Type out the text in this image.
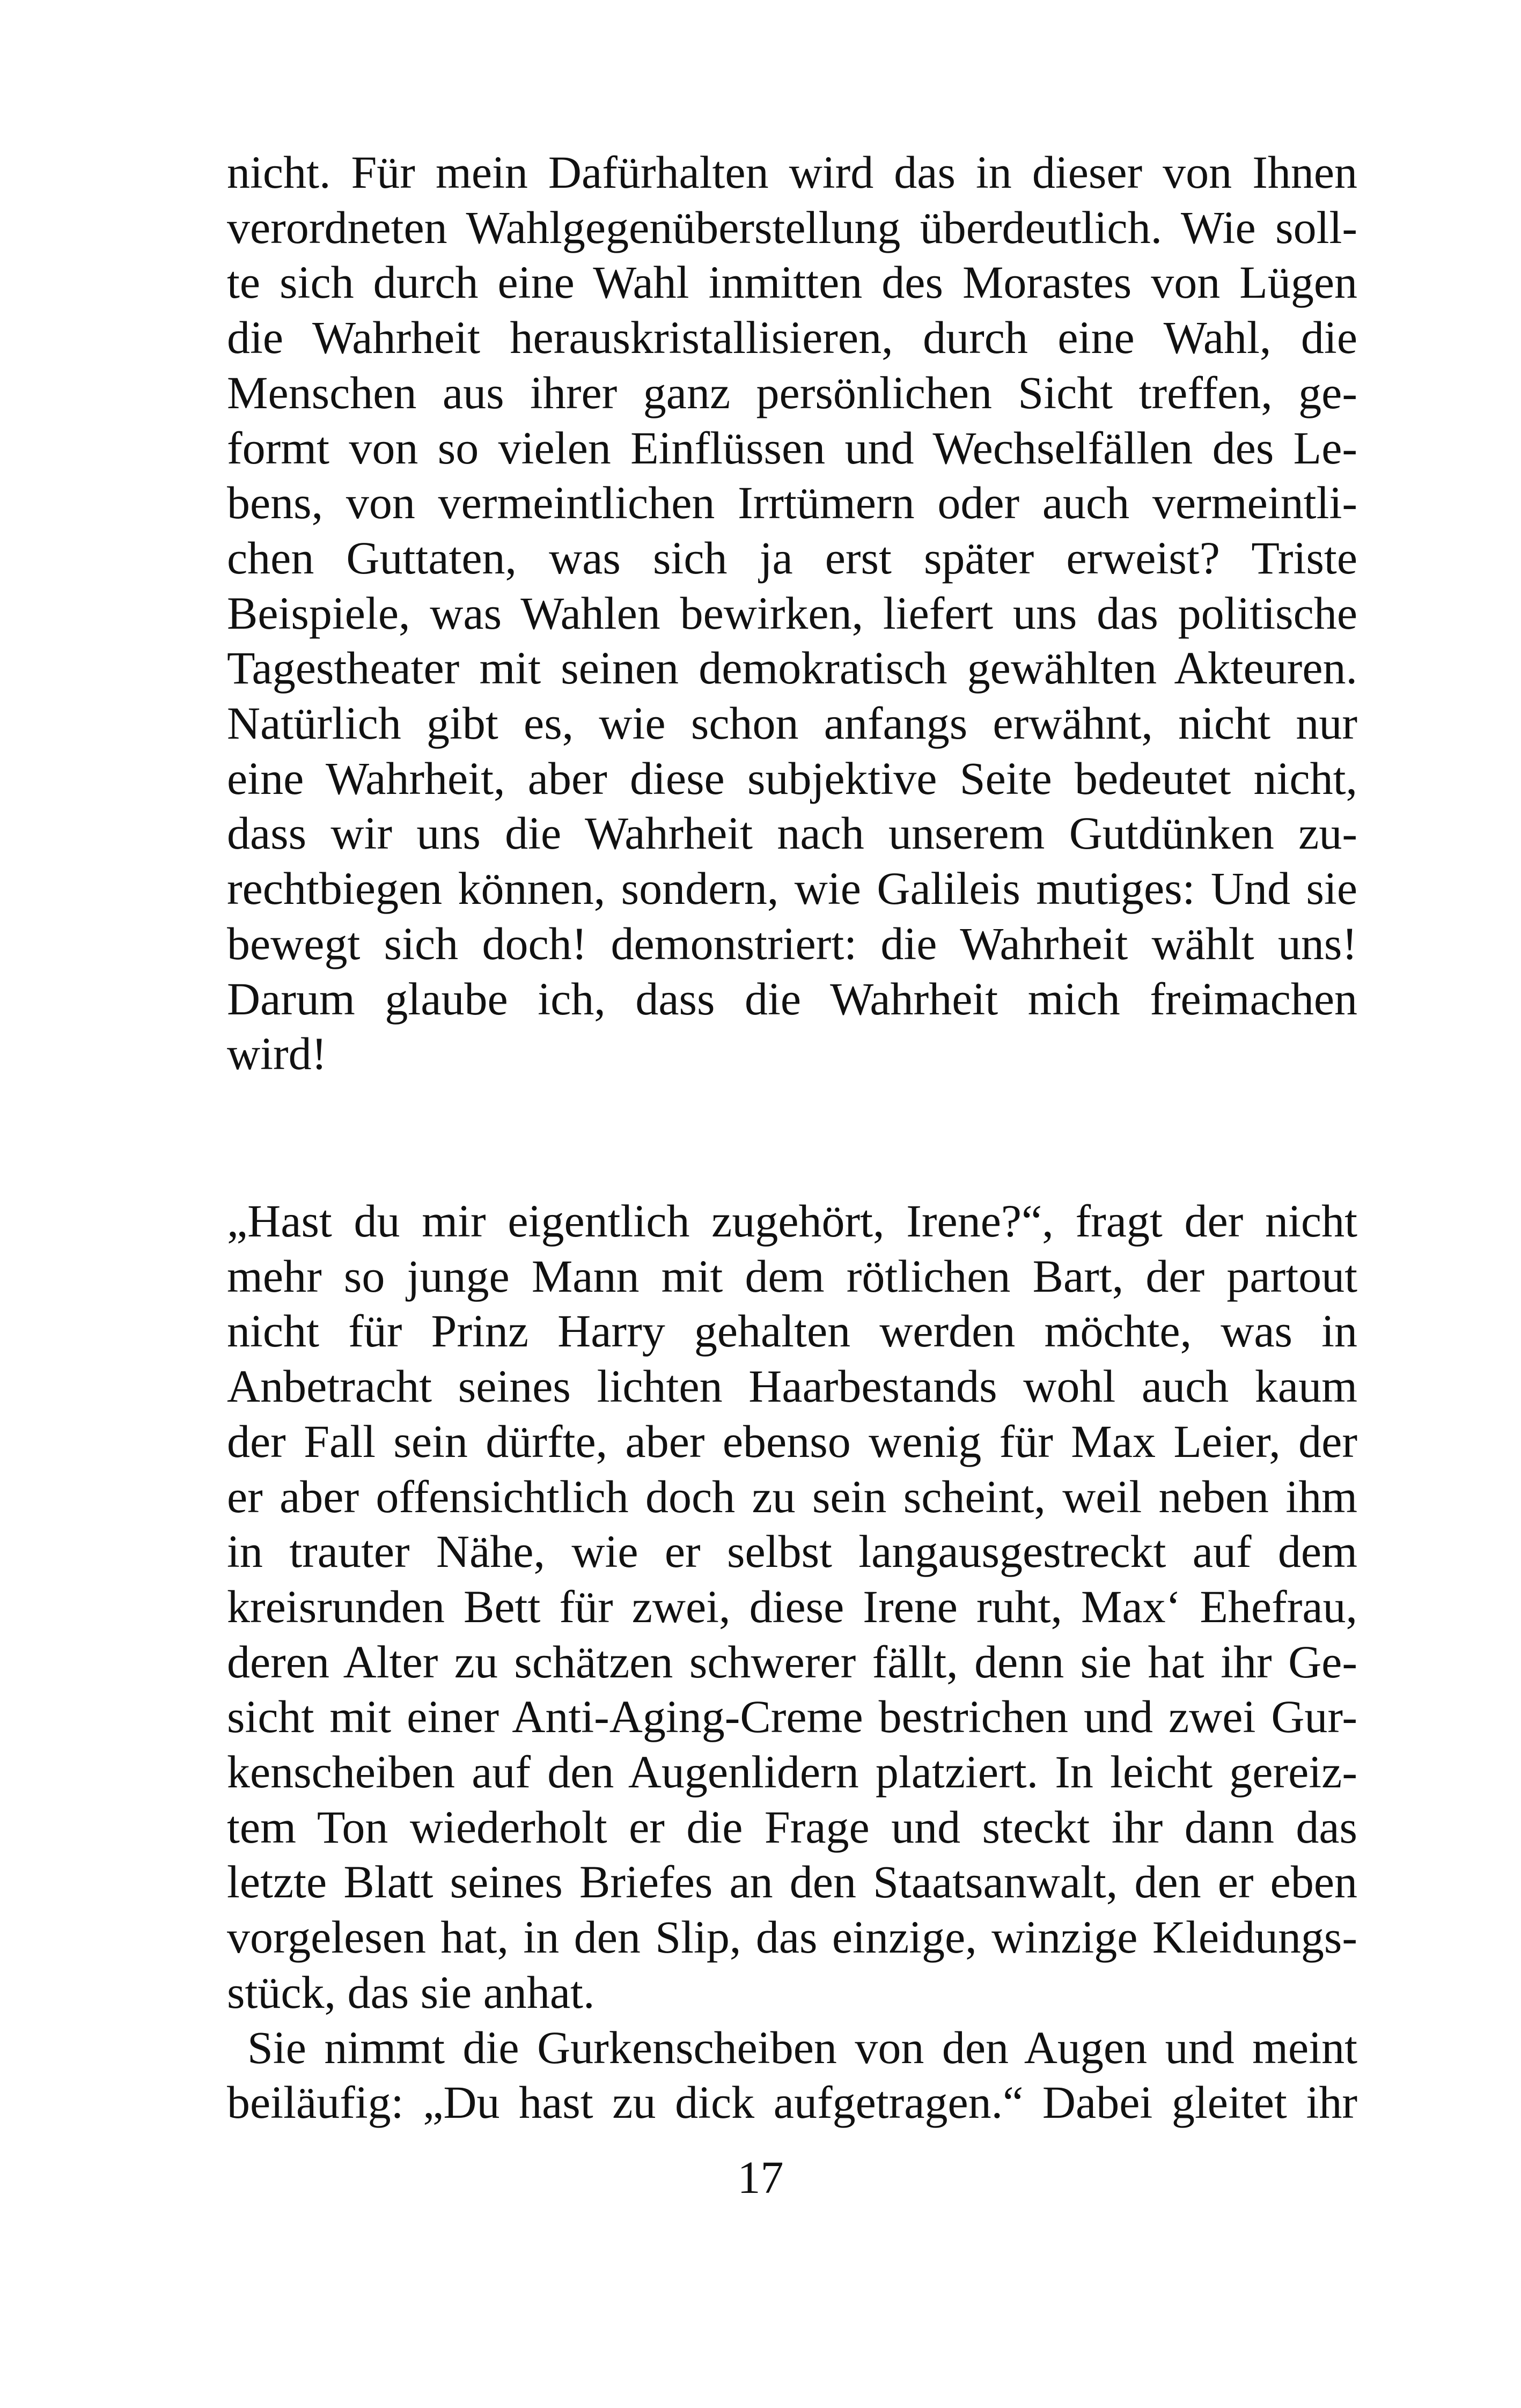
nicht. Für mein Dafürhalten wird das in dieser von Ihnen
verordneten Wahlgegenüberstellung überdeutlich. Wie soll-
te sich durch eine Wahl inmitten des Morastes von Lügen
die Wahrheit herauskristallisieren, durch eine Wahl, die
Menschen aus ihrer ganz persönlichen Sicht treffen, ge-
formt von so vielen Einflüssen und Wechselfällen des Le-
bens, von vermeintlichen Irrtümern oder auch vermeintli-
chen Guttaten, was sich ja erst später erweist? Triste
Beispiele, was Wahlen bewirken, liefert uns das politische
Tagestheater mit seinen demokratisch gewählten Akteuren.
Natürlich gibt es, wie schon anfangs erwähnt, nicht nur
eine Wahrheit, aber diese subjektive Seite bedeutet nicht,
dass wir uns die Wahrheit nach unserem Gutdünken zu-
rechtbiegen können, sondern, wie Galileis mutiges: Und sie
bewegt sich doch! demonstriert: die Wahrheit wählt uns!
Darum glaube ich, dass die Wahrheit mich freimachen
wird!
„Hast du mir eigentlich zugehört, Irene?“, fragt der nicht
mehr so junge Mann mit dem rötlichen Bart, der partout
nicht für Prinz Harry gehalten werden möchte, was in
Anbetracht seines lichten Haarbestands wohl auch kaum
der Fall sein dürfte, aber ebenso wenig für Max Leier, der
er aber offensichtlich doch zu sein scheint, weil neben ihm
in trauter Nähe, wie er selbst langausgestreckt auf dem
kreisrunden Bett für zwei, diese Irene ruht, Max‘ Ehefrau,
deren Alter zu schätzen schwerer fällt, denn sie hat ihr Ge-
sicht mit einer Anti-Aging-Creme bestrichen und zwei Gur-
kenscheiben auf den Augenlidern platziert. In leicht gereiz-
tem Ton wiederholt er die Frage und steckt ihr dann das
letzte Blatt seines Briefes an den Staatsanwalt, den er eben
vorgelesen hat, in den Slip, das einzige, winzige Kleidungs-
stück, das sie anhat.
Sie nimmt die Gurkenscheiben von den Augen und meint
beiläufig: „Du hast zu dick aufgetragen.“ Dabei gleitet ihr
17
